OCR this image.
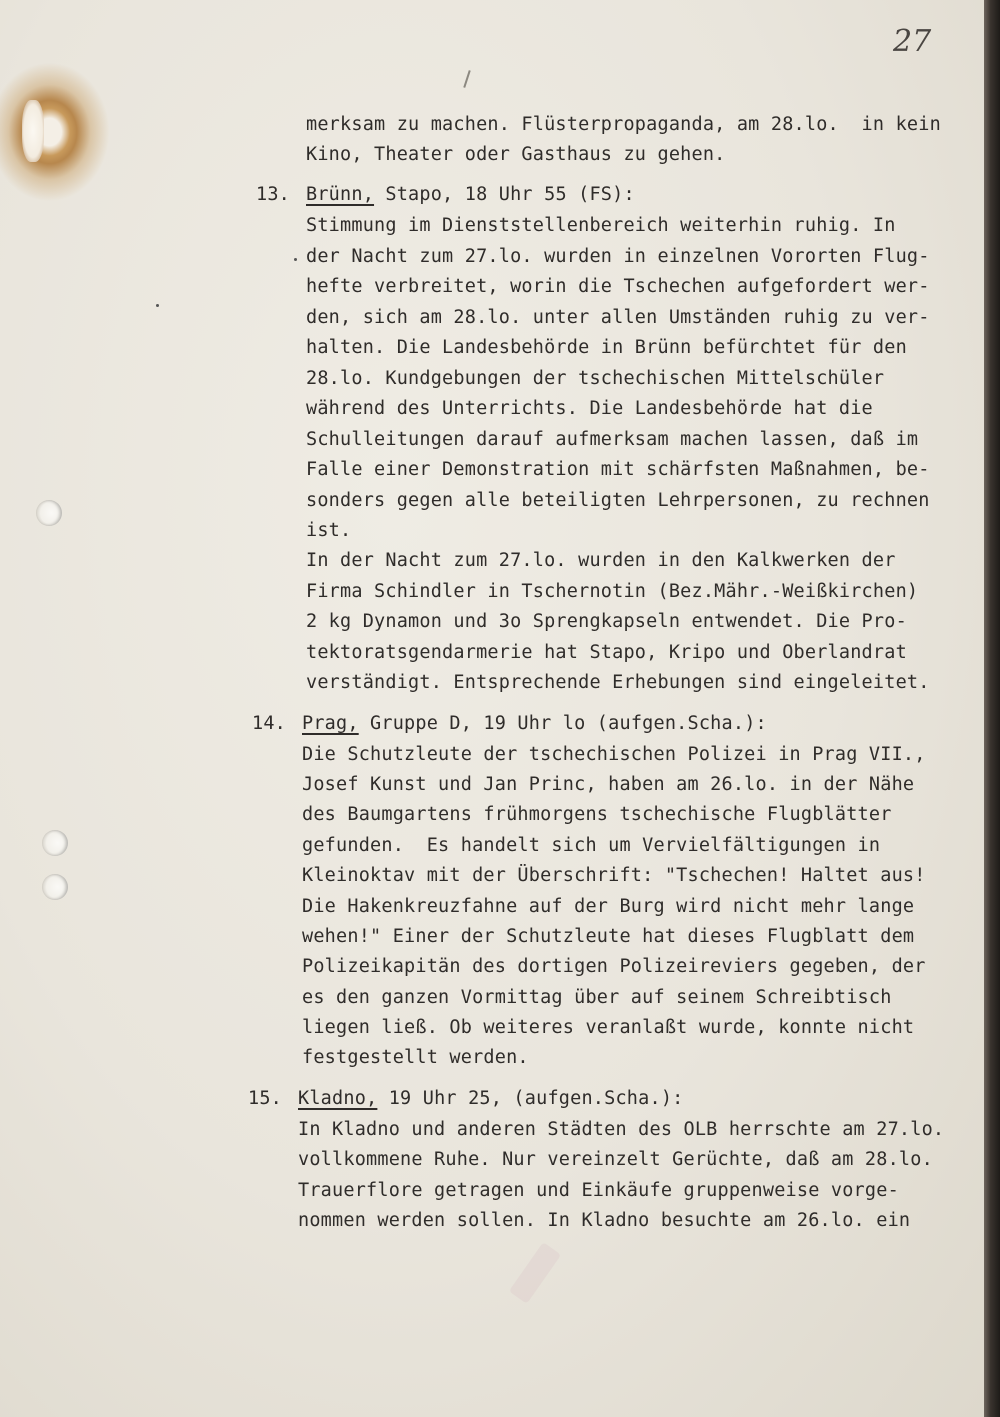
27

merksam zu machen. Flüsterpropaganda, am 28.lo.  in kein

Kino, Theater oder Gasthaus zu gehen.

13.

Brünn, Stapo, 18 Uhr 55 (FS):

Stimmung im Dienststellenbereich weiterhin ruhig. In

der Nacht zum 27.lo. wurden in einzelnen Vororten Flug-

hefte verbreitet, worin die Tschechen aufgefordert wer-

den, sich am 28.lo. unter allen Umständen ruhig zu ver-

halten. Die Landesbehörde in Brünn befürchtet für den

28.lo. Kundgebungen der tschechischen Mittelschüler

während des Unterrichts. Die Landesbehörde hat die

Schulleitungen darauf aufmerksam machen lassen, daß im

Falle einer Demonstration mit schärfsten Maßnahmen, be-

sonders gegen alle beteiligten Lehrpersonen, zu rechnen

ist.

In der Nacht zum 27.lo. wurden in den Kalkwerken der

Firma Schindler in Tschernotin (Bez.Mähr.-Weißkirchen)

2 kg Dynamon und 3o Sprengkapseln entwendet. Die Pro-

tektoratsgendarmerie hat Stapo, Kripo und Oberlandrat

verständigt. Entsprechende Erhebungen sind eingeleitet.

14.

Prag, Gruppe D, 19 Uhr lo (aufgen.Scha.):

Die Schutzleute der tschechischen Polizei in Prag VII.,

Josef Kunst und Jan Princ, haben am 26.lo. in der Nähe

des Baumgartens frühmorgens tschechische Flugblätter

gefunden.  Es handelt sich um Vervielfältigungen in

Kleinoktav mit der Überschrift: "Tschechen! Haltet aus!

Die Hakenkreuzfahne auf der Burg wird nicht mehr lange

wehen!" Einer der Schutzleute hat dieses Flugblatt dem

Polizeikapitän des dortigen Polizeireviers gegeben, der

es den ganzen Vormittag über auf seinem Schreibtisch

liegen ließ. Ob weiteres veranlaßt wurde, konnte nicht

festgestellt werden.

15.

Kladno, 19 Uhr 25, (aufgen.Scha.):

In Kladno und anderen Städten des OLB herrschte am 27.lo.

vollkommene Ruhe. Nur vereinzelt Gerüchte, daß am 28.lo.

Trauerflore getragen und Einkäufe gruppenweise vorge-

nommen werden sollen. In Kladno besuchte am 26.lo. ein
